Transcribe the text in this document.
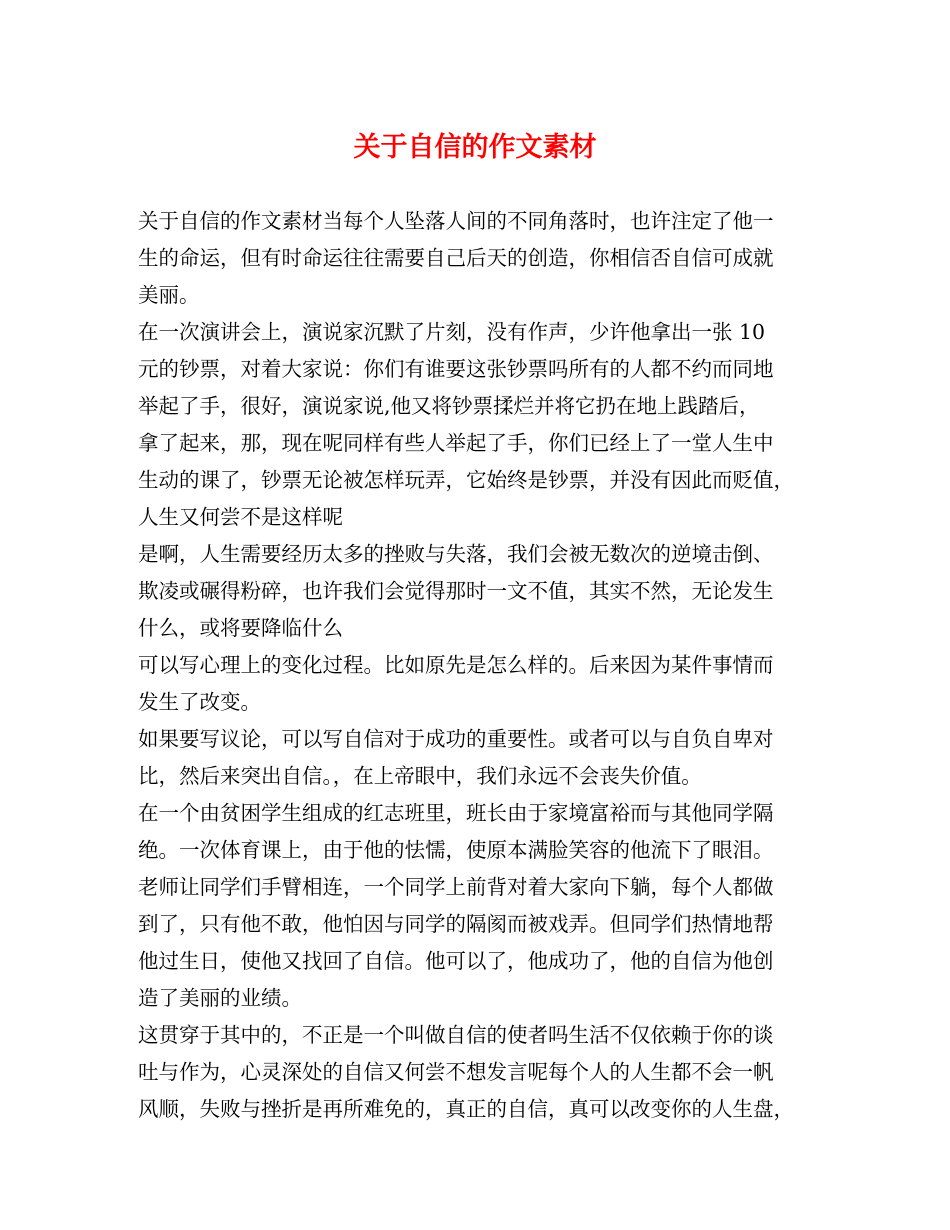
关于自信的作文素材
关于自信的作文素材当每个人坠落人间的不同角落时，也许注定了他一
生的命运，但有时命运往往需要自己后天的创造，你相信否自信可成就
美丽。
在一次演讲会上，演说家沉默了片刻，没有作声，少许他拿出一张 10
元的钞票，对着大家说：你们有谁要这张钞票吗所有的人都不约而同地
举起了手，很好，演说家说,他又将钞票揉烂并将它扔在地上践踏后，
拿了起来，那，现在呢同样有些人举起了手，你们已经上了一堂人生中
生动的课了，钞票无论被怎样玩弄，它始终是钞票，并没有因此而贬值，
人生又何尝不是这样呢
是啊，人生需要经历太多的挫败与失落，我们会被无数次的逆境击倒、
欺凌或碾得粉碎，也许我们会觉得那时一文不值，其实不然，无论发生
什么，或将要降临什么
可以写心理上的变化过程。比如原先是怎么样的。后来因为某件事情而
发生了改变。
如果要写议论，可以写自信对于成功的重要性。或者可以与自负自卑对
比，然后来突出自信。，在上帝眼中，我们永远不会丧失价值。
在一个由贫困学生组成的红志班里，班长由于家境富裕而与其他同学隔
绝。一次体育课上，由于他的怯懦，使原本满脸笑容的他流下了眼泪。
老师让同学们手臂相连，一个同学上前背对着大家向下躺，每个人都做
到了，只有他不敢，他怕因与同学的隔阂而被戏弄。但同学们热情地帮
他过生日，使他又找回了自信。他可以了，他成功了，他的自信为他创
造了美丽的业绩。
这贯穿于其中的，不正是一个叫做自信的使者吗生活不仅依赖于你的谈
吐与作为，心灵深处的自信又何尝不想发言呢每个人的人生都不会一帆
风顺，失败与挫折是再所难免的，真正的自信，真可以改变你的人生盘，
